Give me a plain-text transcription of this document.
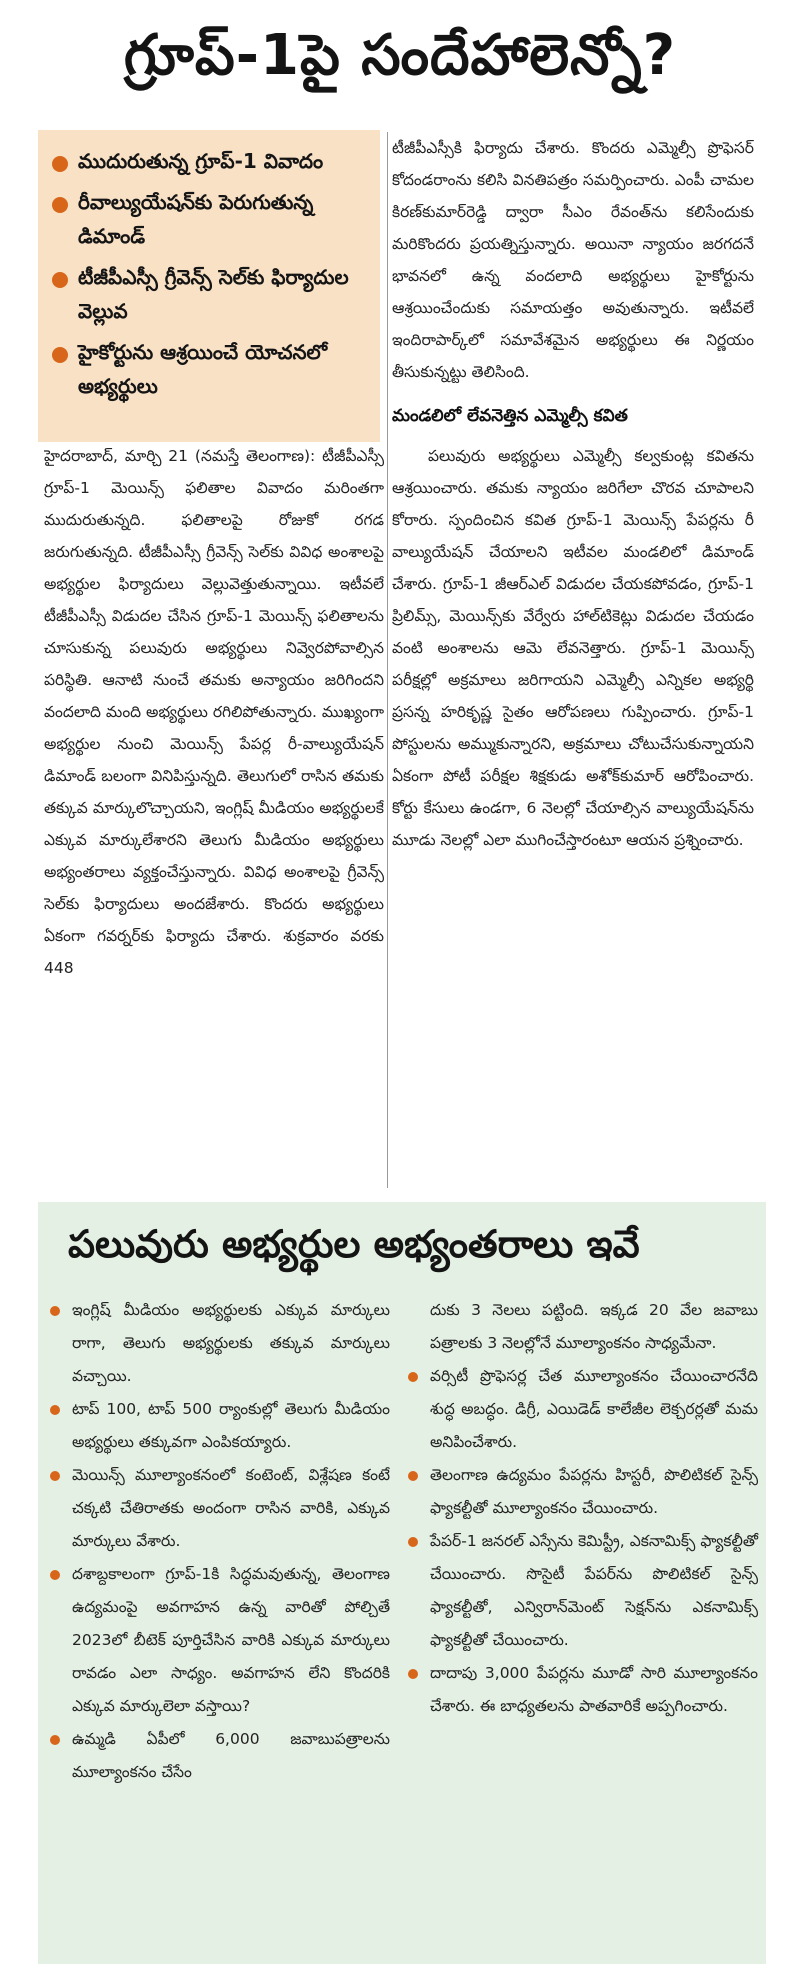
గ్రూప్-1పై సందేహాలెన్నో?
ముదురుతున్న గ్రూప్-1 వివాదం
రీవాల్యుయేషన్‌కు పెరుగుతున్న డిమాండ్
టీజీపీఎస్సీ గ్రీవెన్స్ సెల్‌కు ఫిర్యాదుల వెల్లువ
హైకోర్టును ఆశ్రయించే యోచనలో అభ్యర్థులు

హైదరాబాద్, మార్చి 21 (నమస్తే తెలంగాణ): టీజీపీఎస్సీ గ్రూప్-1 మెయిన్స్ ఫలితాల వివాదం మరింతగా ముదురుతున్నది. ఫలితాలపై రోజుకో రగడ జరుగుతున్నది. టీజీపీఎస్సీ గ్రీవెన్స్ సెల్‌కు వివిధ అంశాలపై అభ్యర్థుల ఫిర్యాదులు వెల్లువెత్తుతున్నాయి. ఇటీవలే టీజీపీఎస్సీ విడుదల చేసిన గ్రూప్-1 మెయిన్స్ ఫలితాలను చూసుకున్న పలువురు అభ్యర్థులు నివ్వెరపోవాల్సిన పరిస్థితి. ఆనాటి నుంచే తమకు అన్యాయం జరిగిందని వందలాది మంది అభ్యర్థులు రగిలిపోతున్నారు. ముఖ్యంగా అభ్యర్థుల నుంచి మెయిన్స్ పేపర్ల రీ-వాల్యుయేషన్ డిమాండ్ బలంగా వినిపిస్తున్నది. తెలుగులో రాసిన తమకు తక్కువ మార్కులొచ్చాయని, ఇంగ్లిష్ మీడియం అభ్యర్థులకే ఎక్కువ మార్కులేశారని తెలుగు మీడియం అభ్యర్థులు అభ్యంతరాలు వ్యక్తంచేస్తున్నారు. వివిధ అంశాలపై గ్రీవెన్స్ సెల్‌కు ఫిర్యాదులు అందజేశారు. కొందరు అభ్యర్థులు ఏకంగా గవర్నర్‌కు ఫిర్యాదు చేశారు. శుక్రవారం వరకు 448

టీజీపీఎస్సీకి ఫిర్యాదు చేశారు. కొందరు ఎమ్మెల్సీ ప్రొఫెసర్ కోదండరాంను కలిసి వినతిపత్రం సమర్పించారు. ఎంపీ చామల కిరణ్‌కుమార్‌రెడ్డి ద్వారా సీఎం రేవంత్‌ను కలిసేందుకు మరికొందరు ప్రయత్నిస్తున్నారు. అయినా న్యాయం జరగదనే భావనలో ఉన్న వందలాది అభ్యర్థులు హైకోర్టును ఆశ్రయించేందుకు సమాయత్తం అవుతున్నారు. ఇటీవలే ఇందిరాపార్క్‌లో సమావేశమైన అభ్యర్థులు ఈ నిర్ణయం తీసుకున్నట్టు తెలిసింది.

మండలిలో లేవనెత్తిన ఎమ్మెల్సీ కవిత

పలువురు అభ్యర్థులు ఎమ్మెల్సీ కల్వకుంట్ల కవితను ఆశ్రయించారు. తమకు న్యాయం జరిగేలా చొరవ చూపాలని కోరారు. స్పందించిన కవిత గ్రూప్-1 మెయిన్స్ పేపర్లను రీ వాల్యుయేషన్ చేయాలని ఇటీవల మండలిలో డిమాండ్ చేశారు. గ్రూప్-1 జీఆర్‌ఎల్ విడుదల చేయకపోవడం, గ్రూప్-1 ప్రిలిమ్స్, మెయిన్స్‌కు వేర్వేరు హాల్‌టికెట్లు విడుదల చేయడం వంటి అంశాలను ఆమె లేవనెత్తారు. గ్రూప్-1 మెయిన్స్ పరీక్షల్లో అక్రమాలు జరిగాయని ఎమ్మెల్సీ ఎన్నికల అభ్యర్థి ప్రసన్న హరికృష్ణ సైతం ఆరోపణలు గుప్పించారు. గ్రూప్-1 పోస్టులను అమ్ముకున్నారని, అక్రమాలు చోటుచేసుకున్నాయని ఏకంగా పోటీ పరీక్షల శిక్షకుడు అశోక్‌కుమార్ ఆరోపించారు. కోర్టు కేసులు ఉండగా, 6 నెలల్లో చేయాల్సిన వాల్యుయేషన్‌ను మూడు నెలల్లో ఎలా ముగించేస్తారంటూ ఆయన ప్రశ్నించారు.

పలువురు అభ్యర్థుల అభ్యంతరాలు ఇవే
ఇంగ్లిష్ మీడియం అభ్యర్థులకు ఎక్కువ మార్కులు రాగా, తెలుగు అభ్యర్థులకు తక్కువ మార్కులు వచ్చాయి.
టాప్ 100, టాప్ 500 ర్యాంకుల్లో తెలుగు మీడియం అభ్యర్థులు తక్కువగా ఎంపికయ్యారు.
మెయిన్స్ మూల్యాంకనంలో కంటెంట్, విశ్లేషణ కంటే చక్కటి చేతిరాతకు అందంగా రాసిన వారికి, ఎక్కువ మార్కులు వేశారు.
దశాబ్దకాలంగా గ్రూప్-1కి సిద్ధమవుతున్న, తెలంగాణ ఉద్యమంపై అవగాహన ఉన్న వారితో పోల్చితే 2023లో బీటెక్ పూర్తిచేసిన వారికి ఎక్కువ మార్కులు రావడం ఎలా సాధ్యం. అవగాహన లేని కొందరికి ఎక్కువ మార్కులెలా వస్తాయి?
ఉమ్మడి ఏపీలో 6,000 జవాబుపత్రాలను మూల్యాంకనం చేసేం
దుకు 3 నెలలు పట్టింది. ఇక్కడ 20 వేల జవాబు పత్రాలకు 3 నెలల్లోనే మూల్యాంకనం సాధ్యమేనా.
వర్సిటీ ప్రొఫెసర్ల చేత మూల్యాంకనం చేయించారనేది శుద్ధ అబద్ధం. డిగ్రీ, ఎయిడెడ్ కాలేజీల లెక్చరర్లతో మమ అనిపించేశారు.
తెలంగాణ ఉద్యమం పేపర్లను హిస్టరీ, పొలిటికల్ సైన్స్ ఫ్యాకల్టీతో మూల్యాంకనం చేయించారు.
పేపర్-1 జనరల్ ఎస్సేను కెమిస్ట్రీ, ఎకనామిక్స్ ఫ్యాకల్టీతో చేయించారు. సొసైటీ పేపర్‌ను పొలిటికల్ సైన్స్ ఫ్యాకల్టీతో, ఎన్విరాన్‌మెంట్ సెక్షన్‌ను ఎకనామిక్స్ ఫ్యాకల్టీతో చేయించారు.
దాదాపు 3,000 పేపర్లను మూడో సారి మూల్యాంకనం చేశారు. ఈ బాధ్యతలను పాతవారికే అప్పగించారు.
